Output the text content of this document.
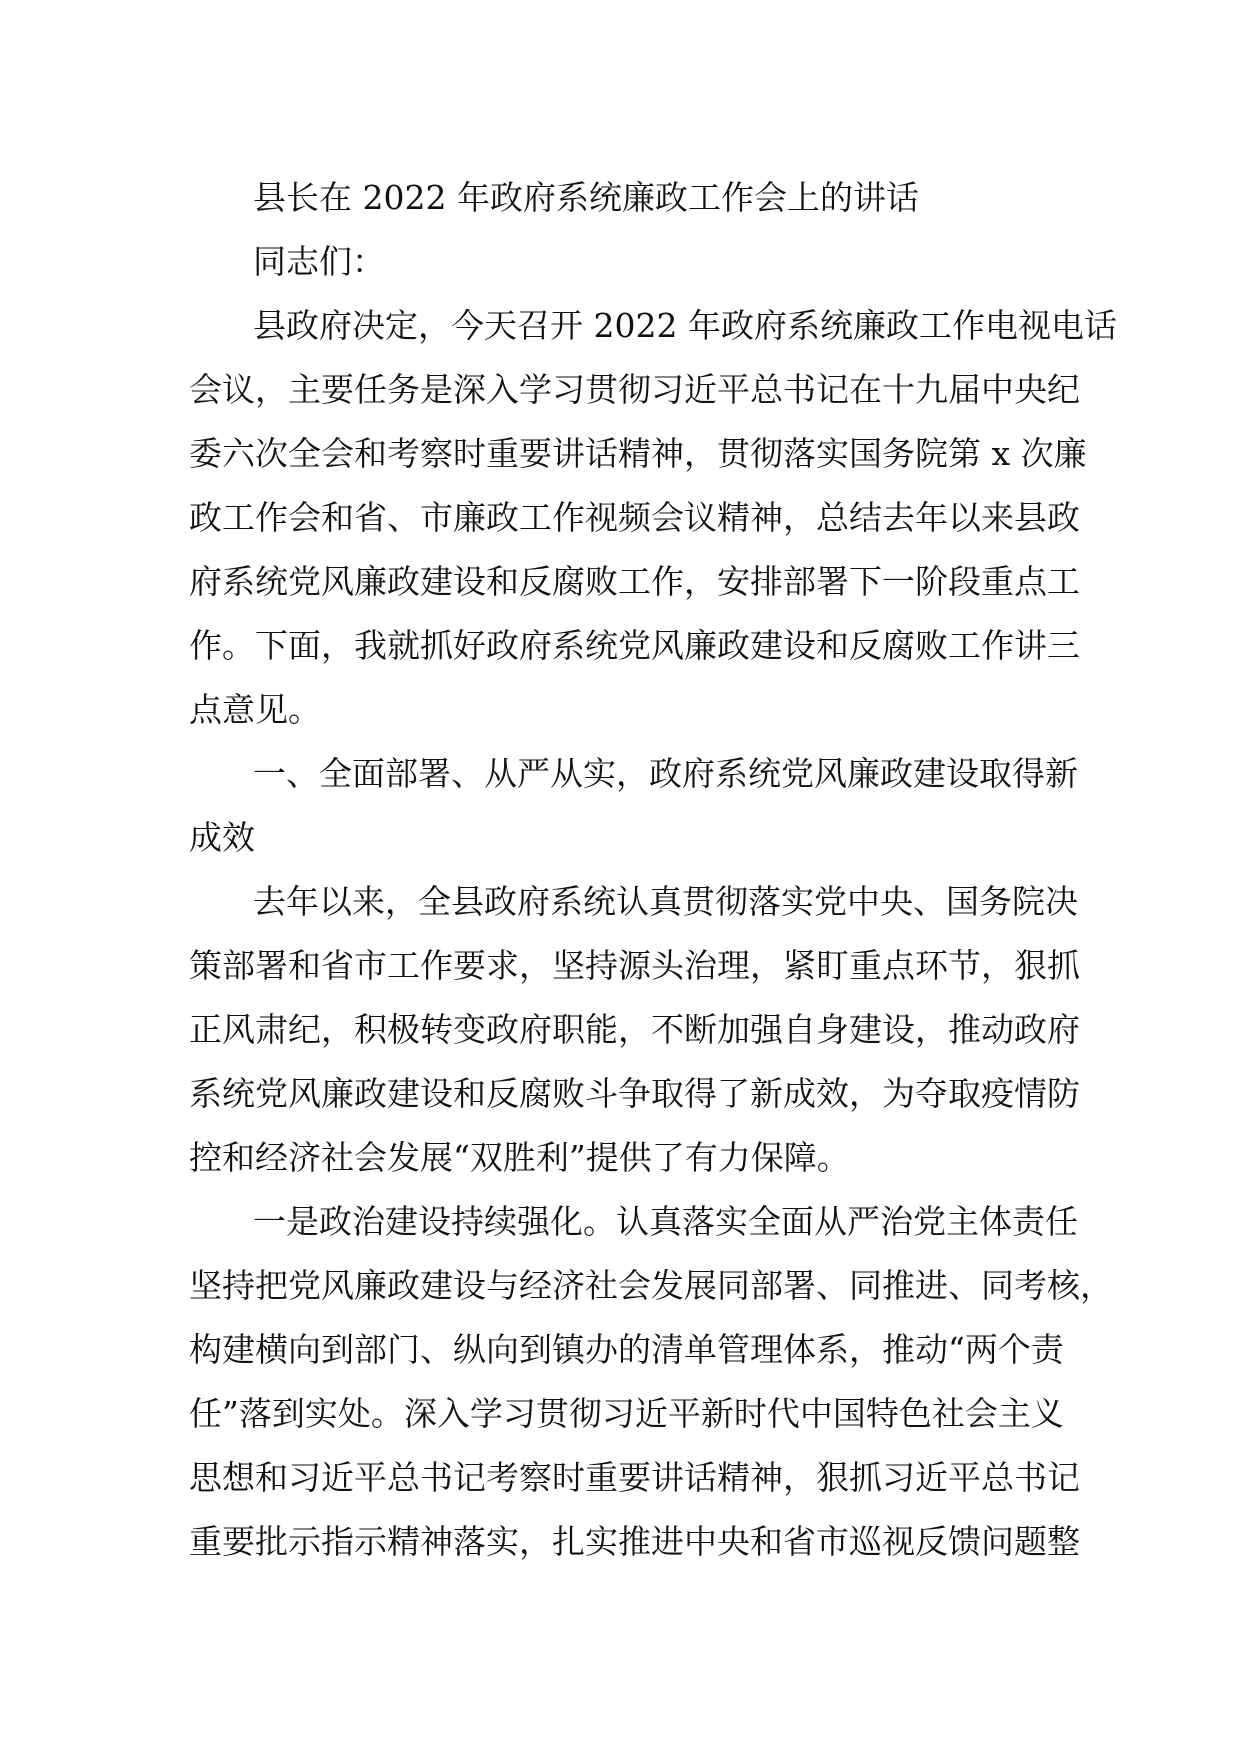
县长在 2022 年政府系统廉政工作会上的讲话
同志们：
县政府决定，今天召开 2022 年政府系统廉政工作电视电话
会议，主要任务是深入学习贯彻习近平总书记在十九届中央纪
委六次全会和考察时重要讲话精神，贯彻落实国务院第 x 次廉
政工作会和省、市廉政工作视频会议精神，总结去年以来县政
府系统党风廉政建设和反腐败工作，安排部署下一阶段重点工
作。下面，我就抓好政府系统党风廉政建设和反腐败工作讲三
点意见。
一、全面部署、从严从实，政府系统党风廉政建设取得新
成效
去年以来，全县政府系统认真贯彻落实党中央、国务院决
策部署和省市工作要求，坚持源头治理，紧盯重点环节，狠抓
正风肃纪，积极转变政府职能，不断加强自身建设，推动政府
系统党风廉政建设和反腐败斗争取得了新成效，为夺取疫情防
控和经济社会发展“双胜利”提供了有力保障。
一是政治建设持续强化。认真落实全面从严治党主体责任
坚持把党风廉政建设与经济社会发展同部署、同推进、同考核，
构建横向到部门、纵向到镇办的清单管理体系，推动“两个责
任”落到实处。深入学习贯彻习近平新时代中国特色社会主义
思想和习近平总书记考察时重要讲话精神，狠抓习近平总书记
重要批示指示精神落实，扎实推进中央和省市巡视反馈问题整
